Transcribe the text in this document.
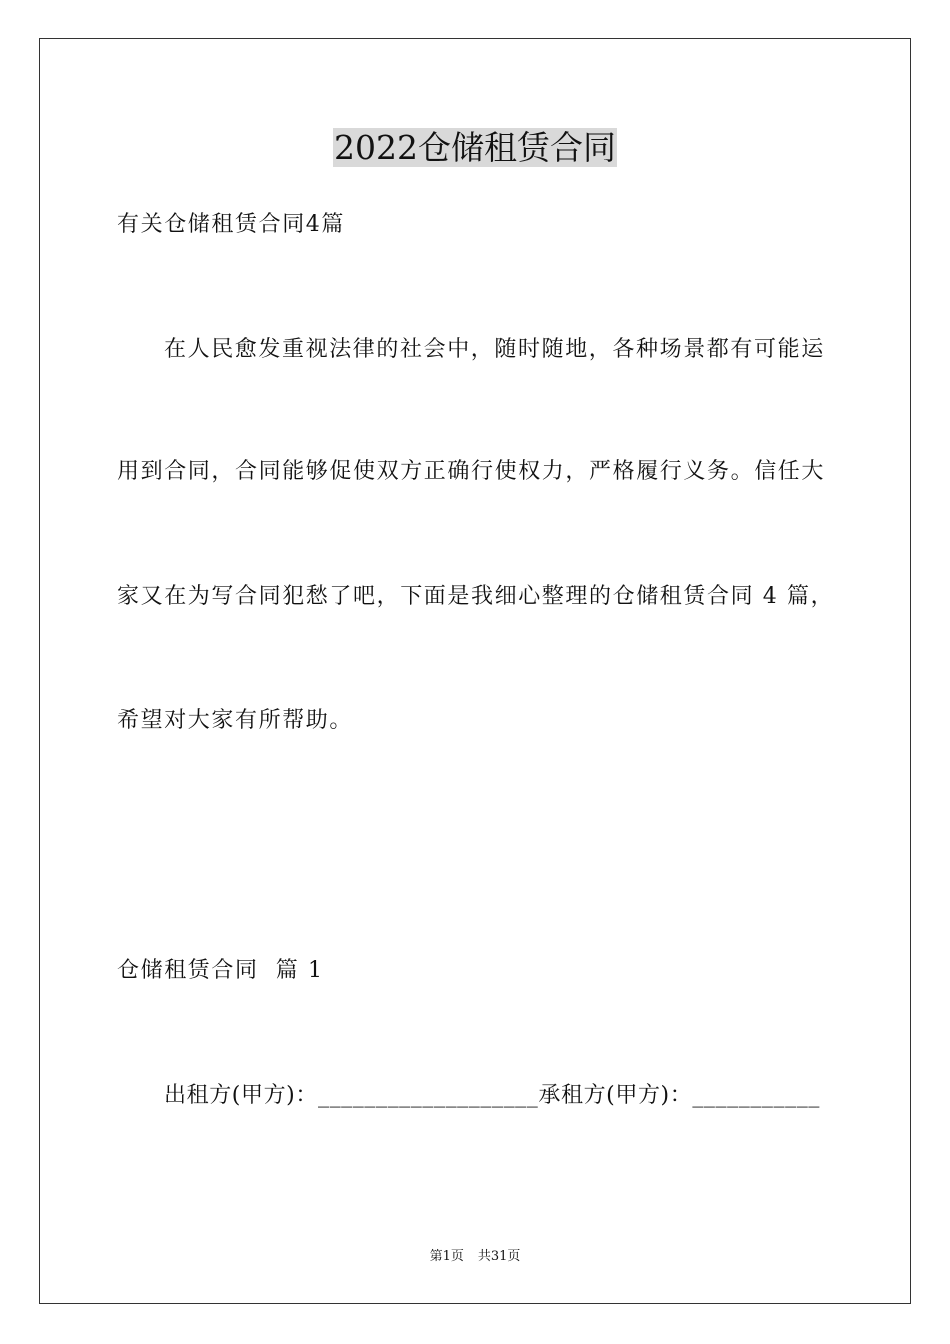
2022仓储租赁合同
有关仓储租赁合同4篇
在人民愈发重视法律的社会中，随时随地，各种场景都有可能运
用到合同，合同能够促使双方正确行使权力，严格履行义务。信任大
家又在为写合同犯愁了吧，下面是我细心整理的仓储租赁合同 4 篇，
希望对大家有所帮助。
仓储租赁合同  篇 1
出租方(甲方)：___________________承租方(甲方)：___________
第1页 共31页
